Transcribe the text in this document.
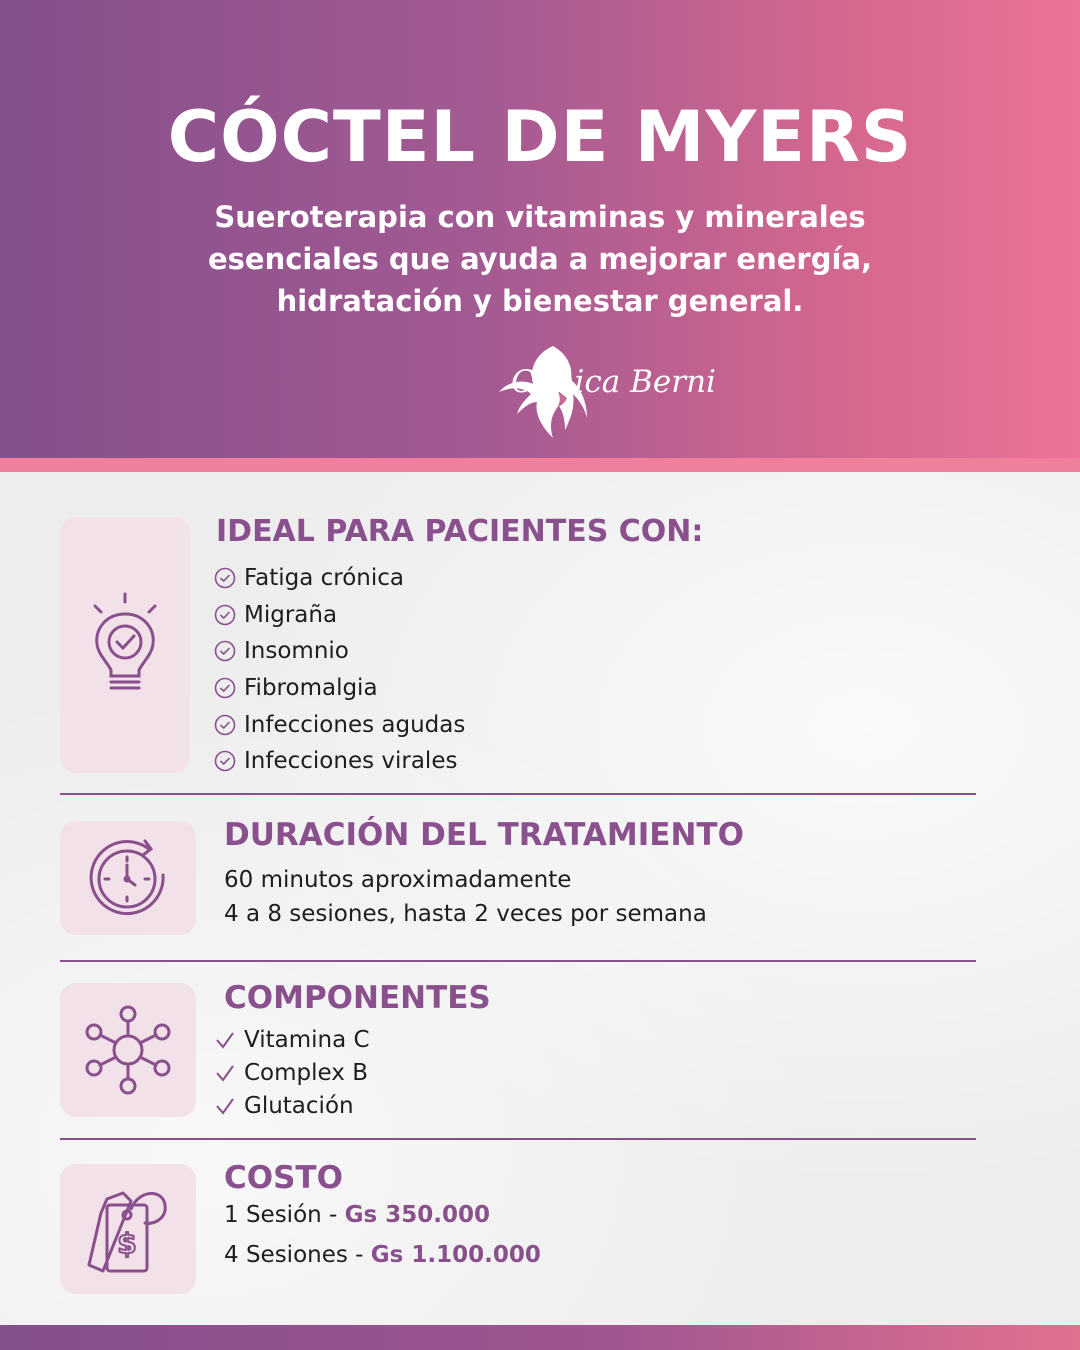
CÓCTEL DE MYERS
Sueroterapia con vitaminas y minerales esenciales que ayuda a mejorar energía, hidratación y bienestar general.
Clínica Berni
IDEAL PARA PACIENTES CON:
Fatiga crónica
Migraña
Insomnio
Fibromalgia
Infecciones agudas
Infecciones virales
DURACIÓN DEL TRATAMIENTO
60 minutos aproximadamente
4 a 8 sesiones, hasta 2 veces por semana
COMPONENTES
Vitamina C
Complex B
Glutación
$
COSTO
1 Sesión - Gs 350.000
4 Sesiones - Gs 1.100.000
